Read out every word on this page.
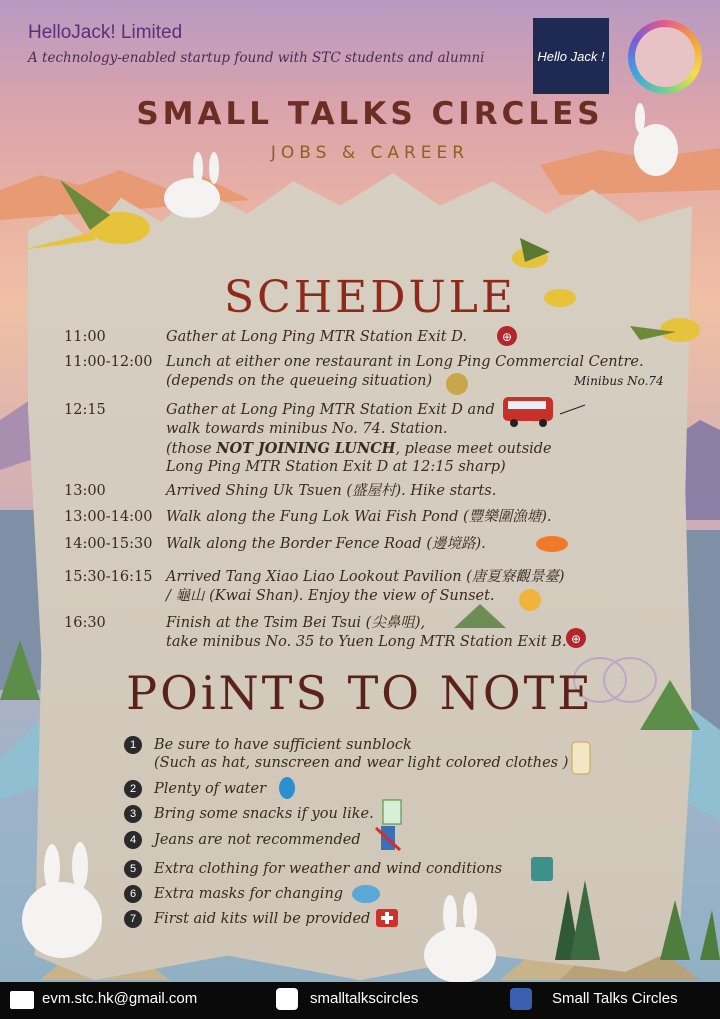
HelloJack! Limited
A technology-enabled startup found with STC students and alumni	Hello Jack !
SMALL TALKS CIRCLES
JOBS & CAREER
⊕
⊕
SCHEDULE
Minibus No.74
11:00	Gather at Long Ping MTR Station Exit D.
11:00-12:00 Lunch at either one restaurant in Long Ping Commercial Centre.
(depends on the queueing situation)
12:15	Gather at Long Ping MTR Station Exit D and
walk towards minibus No. 74. Station.
(those NOT JOINING LUNCH, please meet outside
Long Ping MTR Station Exit D at 12:15 sharp)
13:00	Arrived Shing Uk Tsuen (盛屋村). Hike starts.
13:00-14:00 Walk along the Fung Lok Wai Fish Pond (豐樂圍漁塘).
14:00-15:30 Walk along the Border Fence Road (邊境路).
15:30-16:15 Arrived Tang Xiao Liao Lookout Pavilion (唐夏寮觀景臺)
/ 龜山 (Kwai Shan). Enjoy the view of Sunset.
16:30	Finish at the Tsim Bei Tsui (尖鼻咀),
take minibus No. 35 to Yuen Long MTR Station Exit B.
POiNTS TO NOTE
1	Be sure to have sufficient sunblock
(Such as hat, sunscreen and wear light colored clothes )
2	Plenty of water
3	Bring some snacks if you like.
4	Jeans are not recommended
5	Extra clothing for weather and wind conditions
6	Extra masks for changing
7	First aid kits will be provided
evm.stc.hk@gmail.com	smalltalkscircles	Small Talks Circles
